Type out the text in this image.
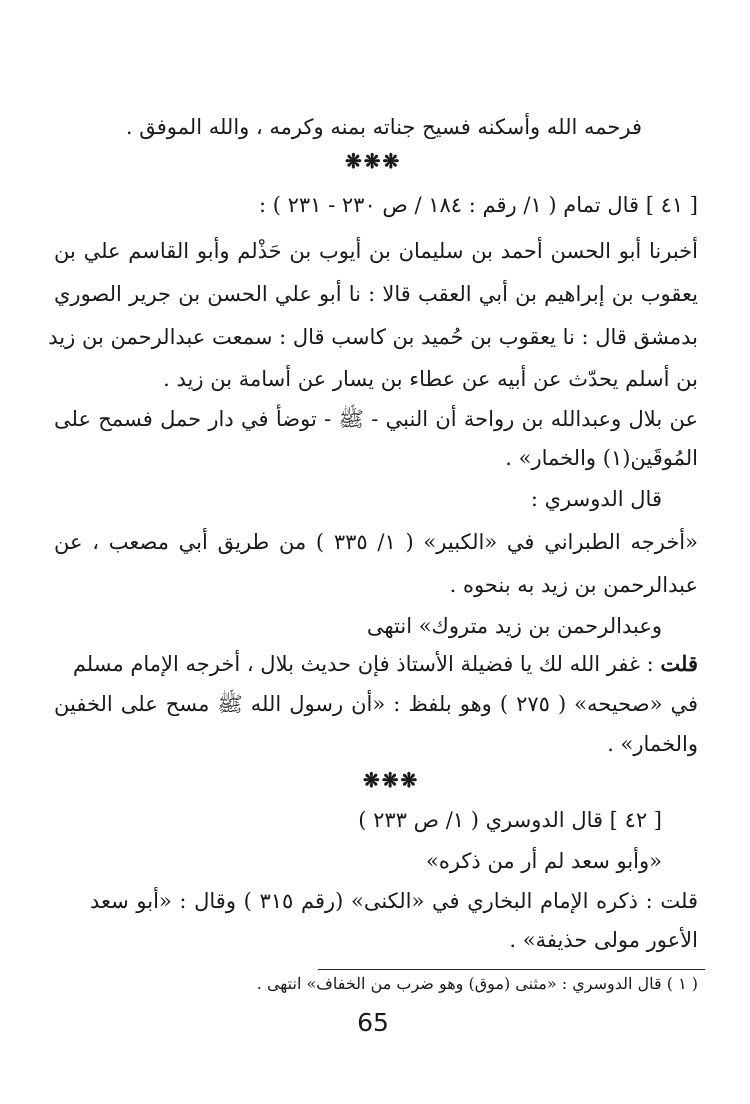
فرحمه الله وأسكنه فسيح جناته بمنه وكرمه ، والله الموفق .
❋❋❋
[ ٤١ ] قال تمام ( ١/ رقم : ١٨٤ / ص ٢٣٠ - ٢٣١ ) :
أخبرنا أبو الحسن أحمد بن سليمان بن أيوب بن حَذْلم وأبو القاسم علي بن
يعقوب بن إبراهيم بن أبي العقب قالا : نا أبو علي الحسن بن جرير الصوري
بدمشق قال : نا يعقوب بن حُميد بن كاسب قال : سمعت عبدالرحمن بن زيد
بن أسلم يحدّث عن أبيه عن عطاء بن يسار عن أسامة بن زيد .
عن بلال وعبدالله بن رواحة أن النبي - ﷺ - توضأ في دار حمل فسمح على
المُوقَين(١) والخمار» .
قال الدوسري :
«أخرجه الطبراني في «الكبير» ( ١/ ٣٣٥ ) من طريق أبي مصعب ، عن
عبدالرحمن بن زيد به بنحوه .
وعبدالرحمن بن زيد متروك» انتهى
قلت : غفر الله لك يا فضيلة الأستاذ فإن حديث بلال ، أخرجه الإمام مسلم
في «صحيحه» ( ٢٧٥ ) وهو بلفظ : «أن رسول الله ﷺ مسح على الخفين
والخمار» .
❋❋❋
[ ٤٢ ] قال الدوسري ( ١/ ص ٢٣٣ )
«وأبو سعد لم أر من ذكره»
قلت : ذكره الإمام البخاري في «الكنى» (رقم ٣١٥ ) وقال : «أبو سعد
الأعور مولى حذيفة» .
( ١ ) قال الدوسري : «مثنى (موق) وهو ضرب من الخفاف» انتهى .
65
